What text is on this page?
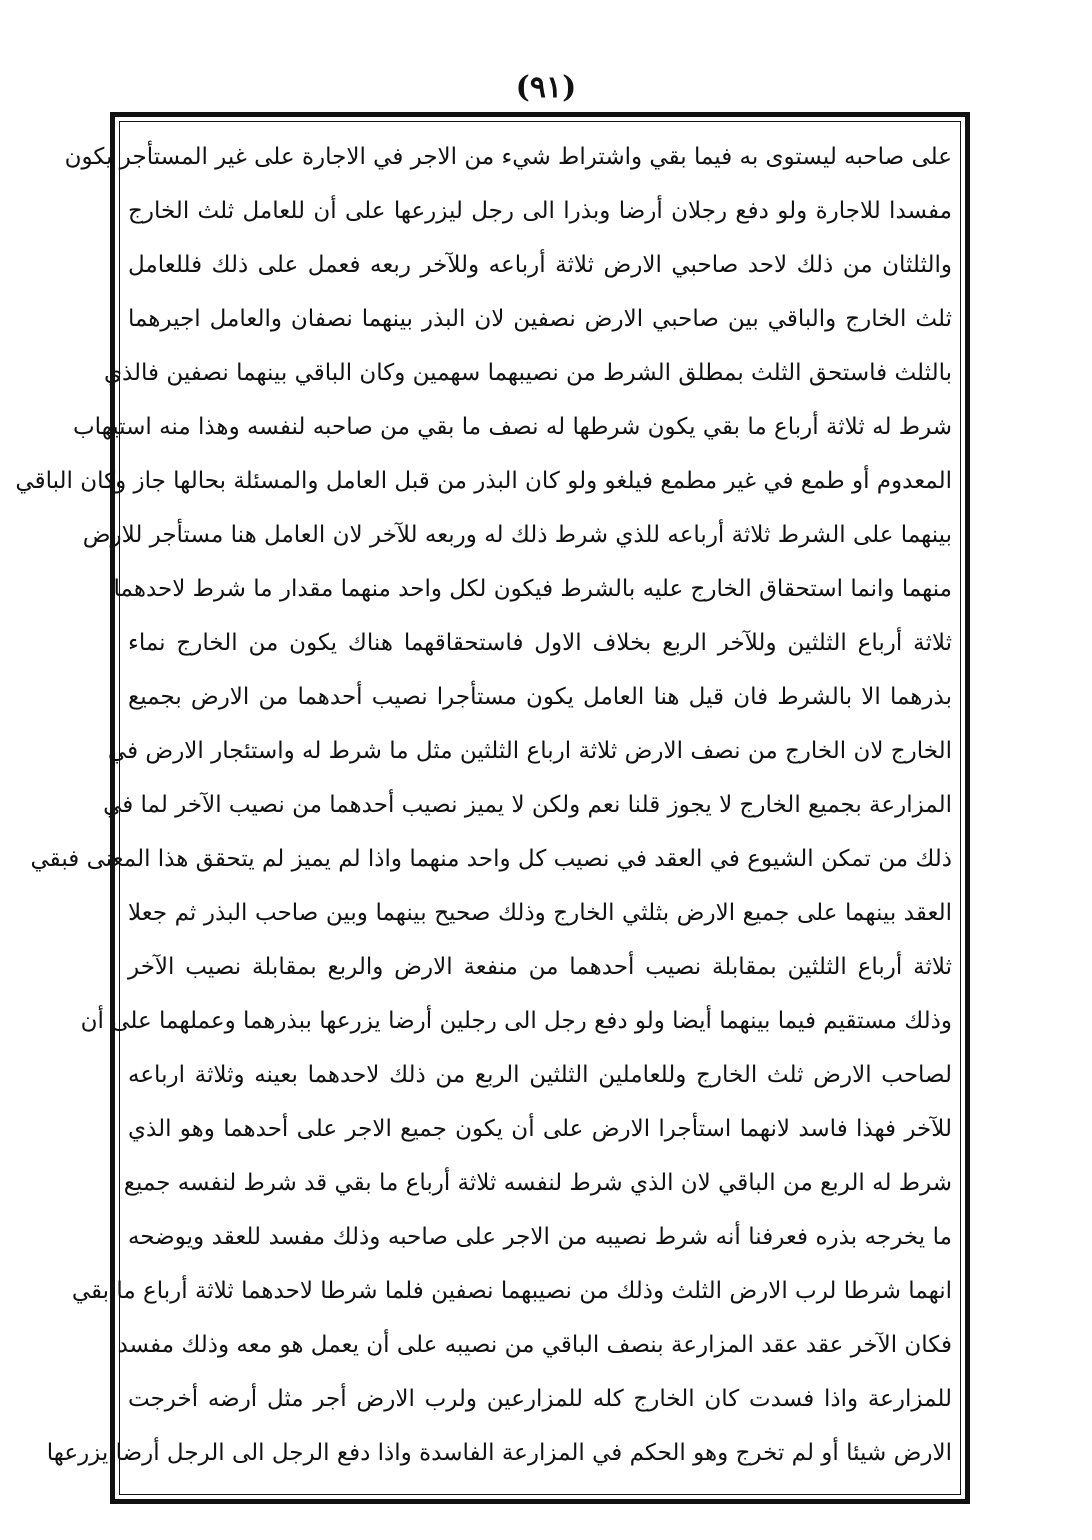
(٩١)
على صاحبه ليستوى به فيما بقي واشتراط شيء من الاجر في الاجارة على غير المستأجر يكون
مفسدا للاجارة ولو دفع رجلان أرضا وبذرا الى رجل ليزرعها على أن للعامل ثلث الخارج
والثلثان من ذلك لاحد صاحبي الارض ثلاثة أرباعه وللآخر ربعه فعمل على ذلك فللعامل
ثلث الخارج والباقي بين صاحبي الارض نصفين لان البذر بينهما نصفان والعامل اجيرهما
بالثلث فاستحق الثلث بمطلق الشرط من نصيبهما سهمين وكان الباقي بينهما نصفين فالذي
شرط له ثلاثة أرباع ما بقي يكون شرطها له نصف ما بقي من صاحبه لنفسه وهذا منه استيهاب
المعدوم أو طمع في غير مطمع فيلغو ولو كان البذر من قبل العامل والمسئلة بحالها جاز وكان الباقي
بينهما على الشرط ثلاثة أرباعه للذي شرط ذلك له وربعه للآخر لان العامل هنا مستأجر للارض
منهما وانما استحقاق الخارج عليه بالشرط فيكون لكل واحد منهما مقدار ما شرط لاحدهما
ثلاثة أرباع الثلثين وللآخر الربع بخلاف الاول فاستحقاقهما هناك يكون من الخارج نماء
بذرهما الا بالشرط فان قيل هنا العامل يكون مستأجرا نصيب أحدهما من الارض بجميع
الخارج لان الخارج من نصف الارض ثلاثة ارباع الثلثين مثل ما شرط له واستئجار الارض في
المزارعة بجميع الخارج لا يجوز قلنا نعم ولكن لا يميز نصيب أحدهما من نصيب الآخر لما في
ذلك من تمكن الشيوع في العقد في نصيب كل واحد منهما واذا لم يميز لم يتحقق هذا المعنى فبقي
العقد بينهما على جميع الارض بثلثي الخارج وذلك صحيح بينهما وبين صاحب البذر ثم جعلا
ثلاثة أرباع الثلثين بمقابلة نصيب أحدهما من منفعة الارض والربع بمقابلة نصيب الآخر
وذلك مستقيم فيما بينهما أيضا ولو دفع رجل الى رجلين أرضا يزرعها ببذرهما وعملهما على أن
لصاحب الارض ثلث الخارج وللعاملين الثلثين الربع من ذلك لاحدهما بعينه وثلاثة ارباعه
للآخر فهذا فاسد لانهما استأجرا الارض على أن يكون جميع الاجر على أحدهما وهو الذي
شرط له الربع من الباقي لان الذي شرط لنفسه ثلاثة أرباع ما بقي قد شرط لنفسه جميع
ما يخرجه بذره فعرفنا أنه شرط نصيبه من الاجر على صاحبه وذلك مفسد للعقد ويوضحه
انهما شرطا لرب الارض الثلث وذلك من نصيبهما نصفين فلما شرطا لاحدهما ثلاثة أرباع ما بقي
فكان الآخر عقد عقد المزارعة بنصف الباقي من نصيبه على أن يعمل هو معه وذلك مفسد
للمزارعة واذا فسدت كان الخارج كله للمزارعين ولرب الارض أجر مثل أرضه أخرجت
الارض شيئا أو لم تخرج وهو الحكم في المزارعة الفاسدة واذا دفع الرجل الى الرجل أرضا يزرعها
